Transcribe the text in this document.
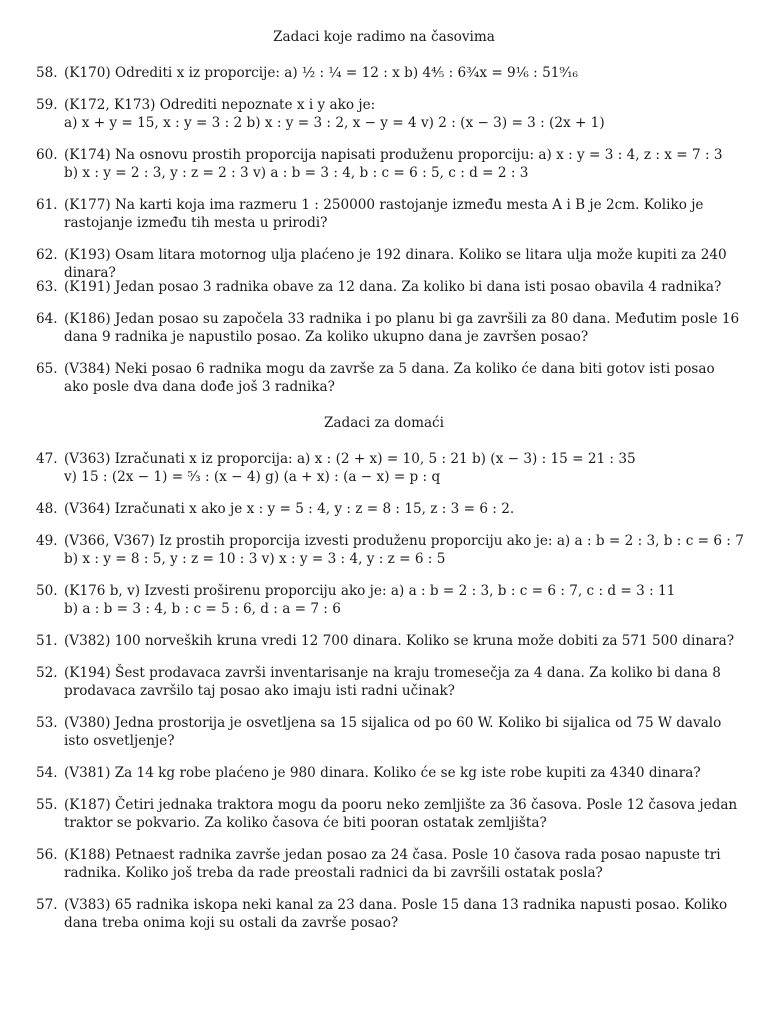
Zadaci koje radimo na časovima
58. (K170) Odrediti x iz proporcije: a) ½ : ¼ = 12 : x b) 4⁴⁄₅ : 6³⁄₄x = 9¹⁄₆ : 51⁹⁄₁₆
59. (K172, K173) Odrediti nepoznate x i y ako je:
a) x + y = 15, x : y = 3 : 2 b) x : y = 3 : 2, x − y = 4 v) 2 : (x − 3) = 3 : (2x + 1)
60. (K174) Na osnovu prostih proporcija napisati produženu proporciju: a) x : y = 3 : 4, z : x = 7 : 3
b) x : y = 2 : 3, y : z = 2 : 3 v) a : b = 3 : 4, b : c = 6 : 5, c : d = 2 : 3
61. (K177) Na karti koja ima razmeru 1 : 250000 rastojanje između mesta A i B je 2cm. Koliko je rastojanje između tih mesta u prirodi?
62. (K193) Osam litara motornog ulja plaćeno je 192 dinara. Koliko se litara ulja može kupiti za 240 dinara?
63. (K191) Jedan posao 3 radnika obave za 12 dana. Za koliko bi dana isti posao obavila 4 radnika?
64. (K186) Jedan posao su započela 33 radnika i po planu bi ga završili za 80 dana. Međutim posle 16 dana 9 radnika je napustilo posao. Za koliko ukupno dana je završen posao?
65. (V384) Neki posao 6 radnika mogu da završe za 5 dana. Za koliko će dana biti gotov isti posao ako posle dva dana dođe još 3 radnika?
Zadaci za domaći
47. (V363) Izračunati x iz proporcija: a) x : (2 + x) = 10, 5 : 21 b) (x − 3) : 15 = 21 : 35
v) 15 : (2x − 1) = ⁵⁄₃ : (x − 4) g) (a + x) : (a − x) = p : q
48. (V364) Izračunati x ako je x : y = 5 : 4, y : z = 8 : 15, z : 3 = 6 : 2.
49. (V366, V367) Iz prostih proporcija izvesti produženu proporciju ako je: a) a : b = 2 : 3, b : c = 6 : 7
b) x : y = 8 : 5, y : z = 10 : 3 v) x : y = 3 : 4, y : z = 6 : 5
50. (K176 b, v) Izvesti proširenu proporciju ako je: a) a : b = 2 : 3, b : c = 6 : 7, c : d = 3 : 11
b) a : b = 3 : 4, b : c = 5 : 6, d : a = 7 : 6
51. (V382) 100 norveških kruna vredi 12 700 dinara. Koliko se kruna može dobiti za 571 500 dinara?
52. (K194) Šest prodavaca završi inventarisanje na kraju tromesečja za 4 dana. Za koliko bi dana 8 prodavaca završilo taj posao ako imaju isti radni učinak?
53. (V380) Jedna prostorija je osvetljena sa 15 sijalica od po 60 W. Koliko bi sijalica od 75 W davalo isto osvetljenje?
54. (V381) Za 14 kg robe plaćeno je 980 dinara. Koliko će se kg iste robe kupiti za 4340 dinara?
55. (K187) Četiri jednaka traktora mogu da pooru neko zemljište za 36 časova. Posle 12 časova jedan traktor se pokvario. Za koliko časova će biti pooran ostatak zemljišta?
56. (K188) Petnaest radnika završe jedan posao za 24 časa. Posle 10 časova rada posao napuste tri radnika. Koliko još treba da rade preostali radnici da bi završili ostatak posla?
57. (V383) 65 radnika iskopa neki kanal za 23 dana. Posle 15 dana 13 radnika napusti posao. Koliko dana treba onima koji su ostali da završe posao?
